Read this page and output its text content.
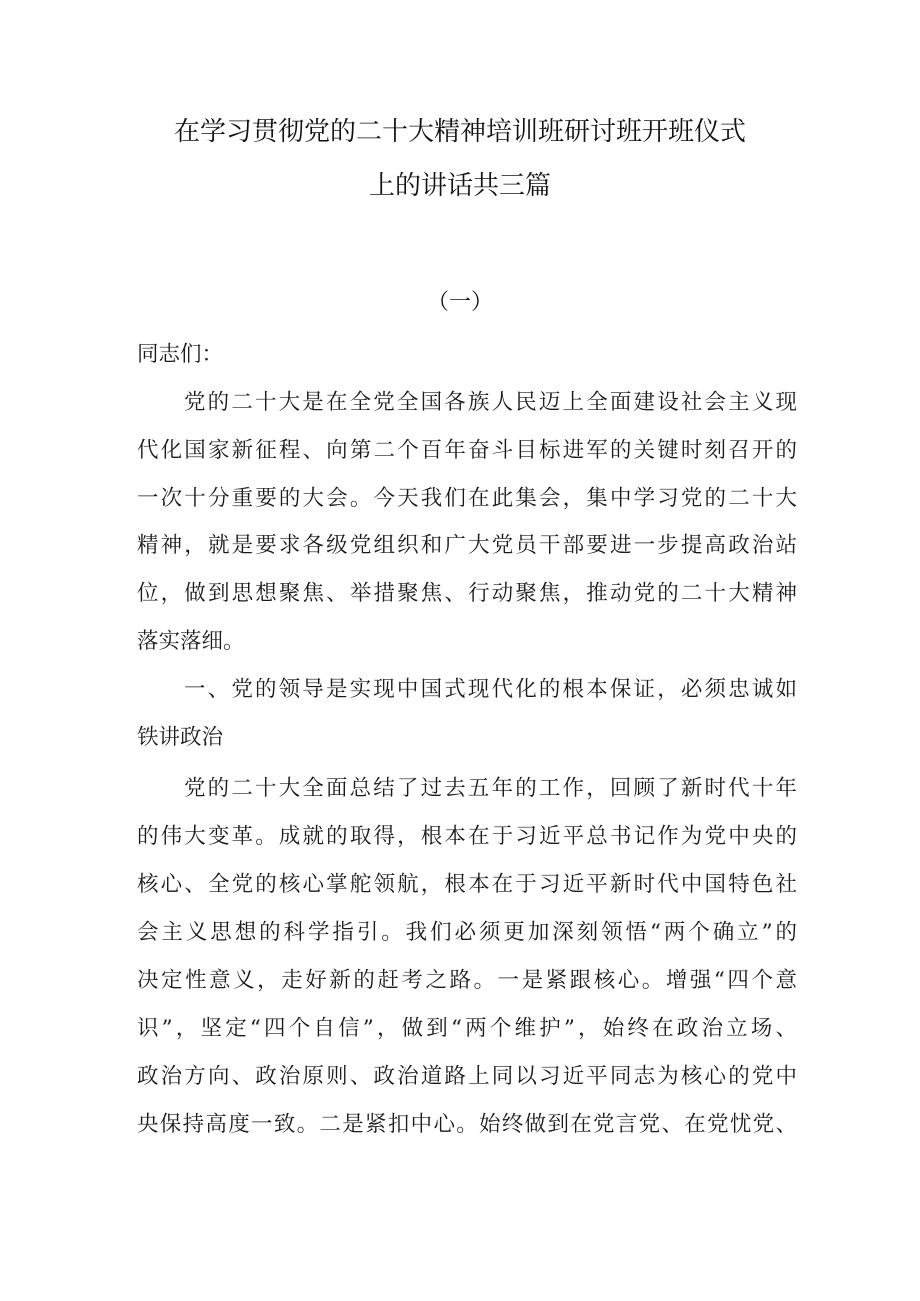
在学习贯彻党的二十大精神培训班研讨班开班仪式
上的讲话共三篇
（一）
同志们：
党的二十大是在全党全国各族人民迈上全面建设社会主义现
代化国家新征程、向第二个百年奋斗目标进军的关键时刻召开的
一次十分重要的大会。今天我们在此集会，集中学习党的二十大
精神，就是要求各级党组织和广大党员干部要进一步提高政治站
位，做到思想聚焦、举措聚焦、行动聚焦，推动党的二十大精神
落实落细。
一、党的领导是实现中国式现代化的根本保证，必须忠诚如
铁讲政治
党的二十大全面总结了过去五年的工作，回顾了新时代十年
的伟大变革。成就的取得，根本在于习近平总书记作为党中央的
核心、全党的核心掌舵领航，根本在于习近平新时代中国特色社
会主义思想的科学指引。我们必须更加深刻领悟“两个确立”的
决定性意义，走好新的赶考之路。一是紧跟核心。增强“四个意
识”，坚定“四个自信”，做到“两个维护”，始终在政治立场、
政治方向、政治原则、政治道路上同以习近平同志为核心的党中
央保持高度一致。二是紧扣中心。始终做到在党言党、在党忧党、
